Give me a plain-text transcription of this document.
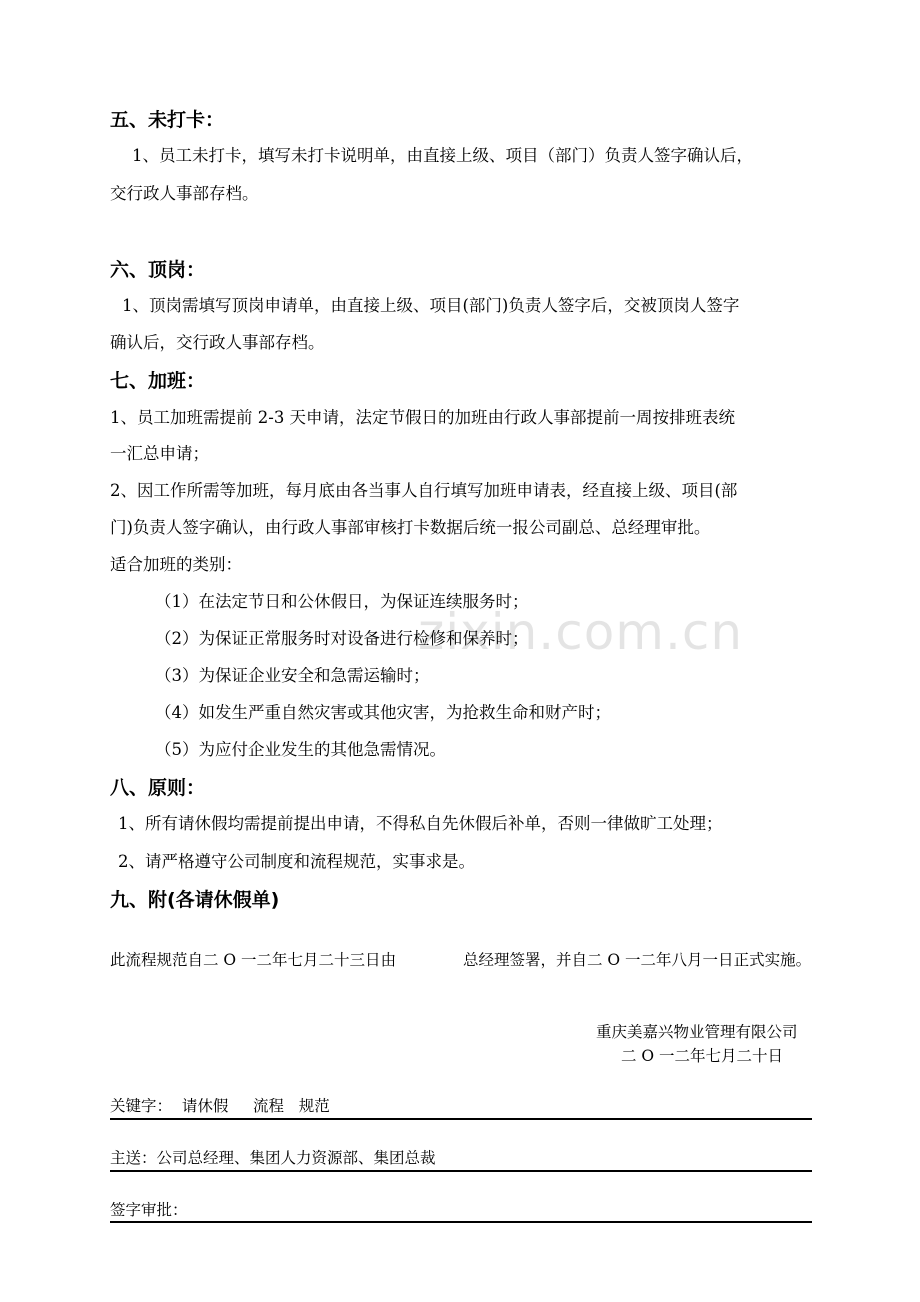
zixin.com.cn
五、未打卡：
1、员工未打卡，填写未打卡说明单，由直接上级、项目（部门）负责人签字确认后，
交行政人事部存档。
六、顶岗：
1、顶岗需填写顶岗申请单，由直接上级、项目(部门)负责人签字后，交被顶岗人签字
确认后，交行政人事部存档。
七、加班：
1、员工加班需提前 2-3 天申请，法定节假日的加班由行政人事部提前一周按排班表统
一汇总申请；
2、因工作所需等加班，每月底由各当事人自行填写加班申请表，经直接上级、项目(部
门)负责人签字确认，由行政人事部审核打卡数据后统一报公司副总、总经理审批。
适合加班的类别：
（1）在法定节日和公休假日，为保证连续服务时；
（2）为保证正常服务时对设备进行检修和保养时；
（3）为保证企业安全和急需运输时；
（4）如发生严重自然灾害或其他灾害，为抢救生命和财产时；
（5）为应付企业发生的其他急需情况。
八、原则：
1、所有请休假均需提前提出申请，不得私自先休假后补单，否则一律做旷工处理；
2、请严格遵守公司制度和流程规范，实事求是。
九、附(各请休假单)
此流程规范自二 O 一二年七月二十三日由	总经理签署，并自二 O 一二年八月一日正式实施。
重庆美嘉兴物业管理有限公司
二 O 一二年七月二十日
关键字：  请休假     流程   规范
主送：公司总经理、集团人力资源部、集团总裁
签字审批：
